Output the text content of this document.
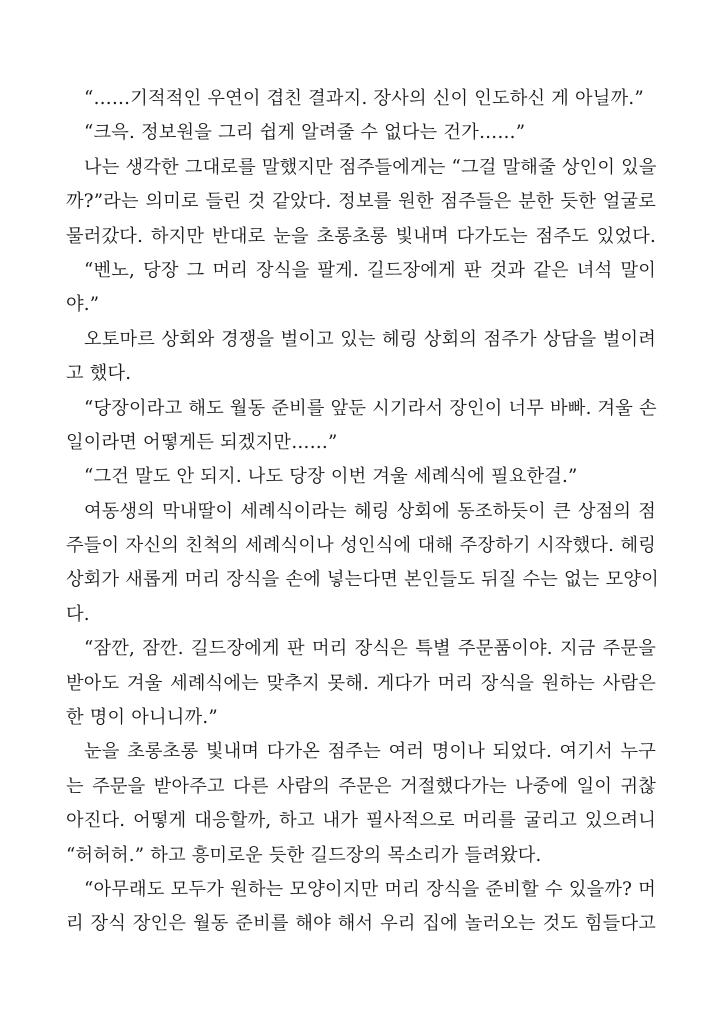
“……기적적인 우연이 겹친 결과지. 장사의 신이 인도하신 게 아닐까.”
“크윽. 정보원을 그리 쉽게 알려줄 수 없다는 건가……”
나는 생각한 그대로를 말했지만 점주들에게는 “그걸 말해줄 상인이 있을
까?”라는 의미로 들린 것 같았다. 정보를 원한 점주들은 분한 듯한 얼굴로
물러갔다. 하지만 반대로 눈을 초롱초롱 빛내며 다가도는 점주도 있었다.
“벤노, 당장 그 머리 장식을 팔게. 길드장에게 판 것과 같은 녀석 말이
야.”
오토마르 상회와 경쟁을 벌이고 있는 헤링 상회의 점주가 상담을 벌이려
고 했다.
“당장이라고 해도 월동 준비를 앞둔 시기라서 장인이 너무 바빠. 겨울 손
일이라면 어떻게든 되겠지만……”
“그건 말도 안 되지. 나도 당장 이번 겨울 세례식에 필요한걸.”
여동생의 막내딸이 세례식이라는 헤링 상회에 동조하듯이 큰 상점의 점
주들이 자신의 친척의 세례식이나 성인식에 대해 주장하기 시작했다. 헤링
상회가 새롭게 머리 장식을 손에 넣는다면 본인들도 뒤질 수는 없는 모양이
다.
“잠깐, 잠깐. 길드장에게 판 머리 장식은 특별 주문품이야. 지금 주문을
받아도 겨울 세례식에는 맞추지 못해. 게다가 머리 장식을 원하는 사람은
한 명이 아니니까.”
눈을 초롱초롱 빛내며 다가온 점주는 여러 명이나 되었다. 여기서 누구
는 주문을 받아주고 다른 사람의 주문은 거절했다가는 나중에 일이 귀찮
아진다. 어떻게 대응할까, 하고 내가 필사적으로 머리를 굴리고 있으려니
“허허허.” 하고 흥미로운 듯한 길드장의 목소리가 들려왔다.
“아무래도 모두가 원하는 모양이지만 머리 장식을 준비할 수 있을까? 머
리 장식 장인은 월동 준비를 해야 해서 우리 집에 놀러오는 것도 힘들다고
